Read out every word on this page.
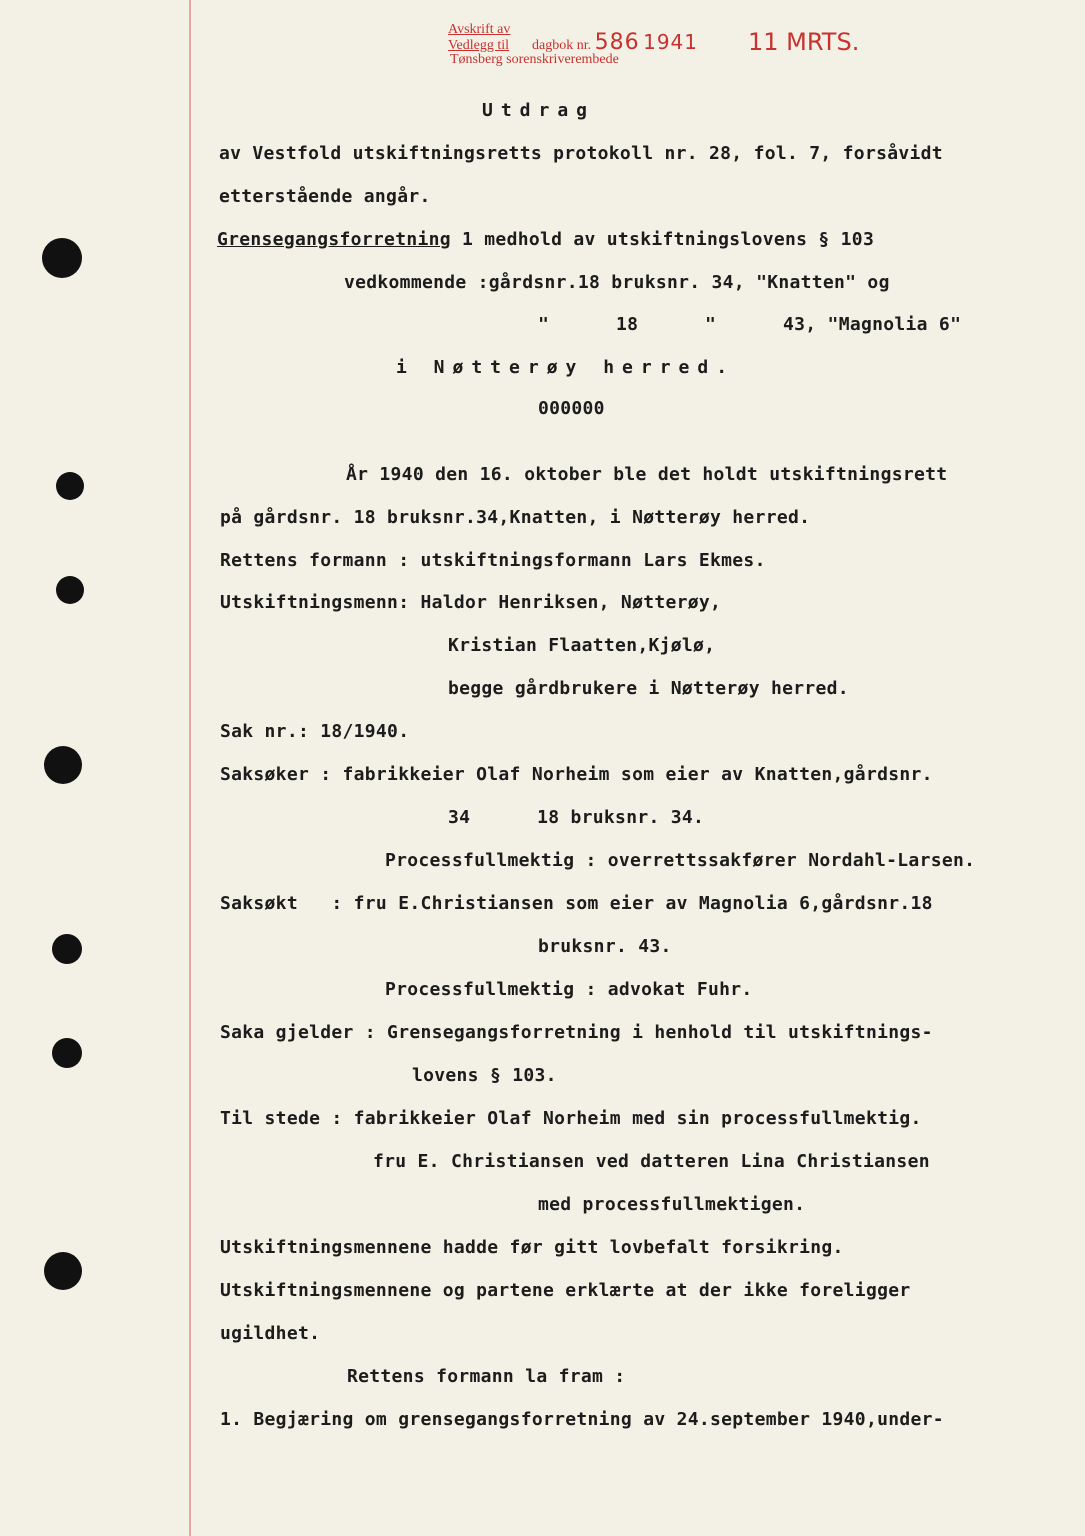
Avskrift av
Vedlegg til dagbok nr. 586 1941 11 MRTS.
Tønsberg sorenskriverembede
Utdrag
av Vestfold utskiftningsretts protokoll nr. 28, fol. 7, forsåvidt
etterstående angår.
Grensegangsforretning 1 medhold av utskiftningslovens § 103
vedkommende :gårdsnr.18 bruksnr. 34, "Knatten" og
"      18      "      43, "Magnolia 6"
i Nøtterøy herred.
000000
År 1940 den 16. oktober ble det holdt utskiftningsrett
på gårdsnr. 18 bruksnr.34,Knatten, i Nøtterøy herred.
Rettens formann : utskiftningsformann Lars Ekmes.
Utskiftningsmenn: Haldor Henriksen, Nøtterøy,
Kristian Flaatten,Kjølø,
begge gårdbrukere i Nøtterøy herred.
Sak nr.: 18/1940.
Saksøker : fabrikkeier Olaf Norheim som eier av Knatten,gårdsnr.
34      18 bruksnr. 34.
Processfullmektig : overrettssakfører Nordahl-Larsen.
Saksøkt   : fru E.Christiansen som eier av Magnolia 6,gårdsnr.18
bruksnr. 43.
Processfullmektig : advokat Fuhr.
Saka gjelder : Grensegangsforretning i henhold til utskiftnings-
lovens § 103.
Til stede : fabrikkeier Olaf Norheim med sin processfullmektig.
fru E. Christiansen ved datteren Lina Christiansen
med processfullmektigen.
Utskiftningsmennene hadde før gitt lovbefalt forsikring.
Utskiftningsmennene og partene erklærte at der ikke foreligger
ugildhet.
Rettens formann la fram :
1. Begjæring om grensegangsforretning av 24.september 1940,under-
